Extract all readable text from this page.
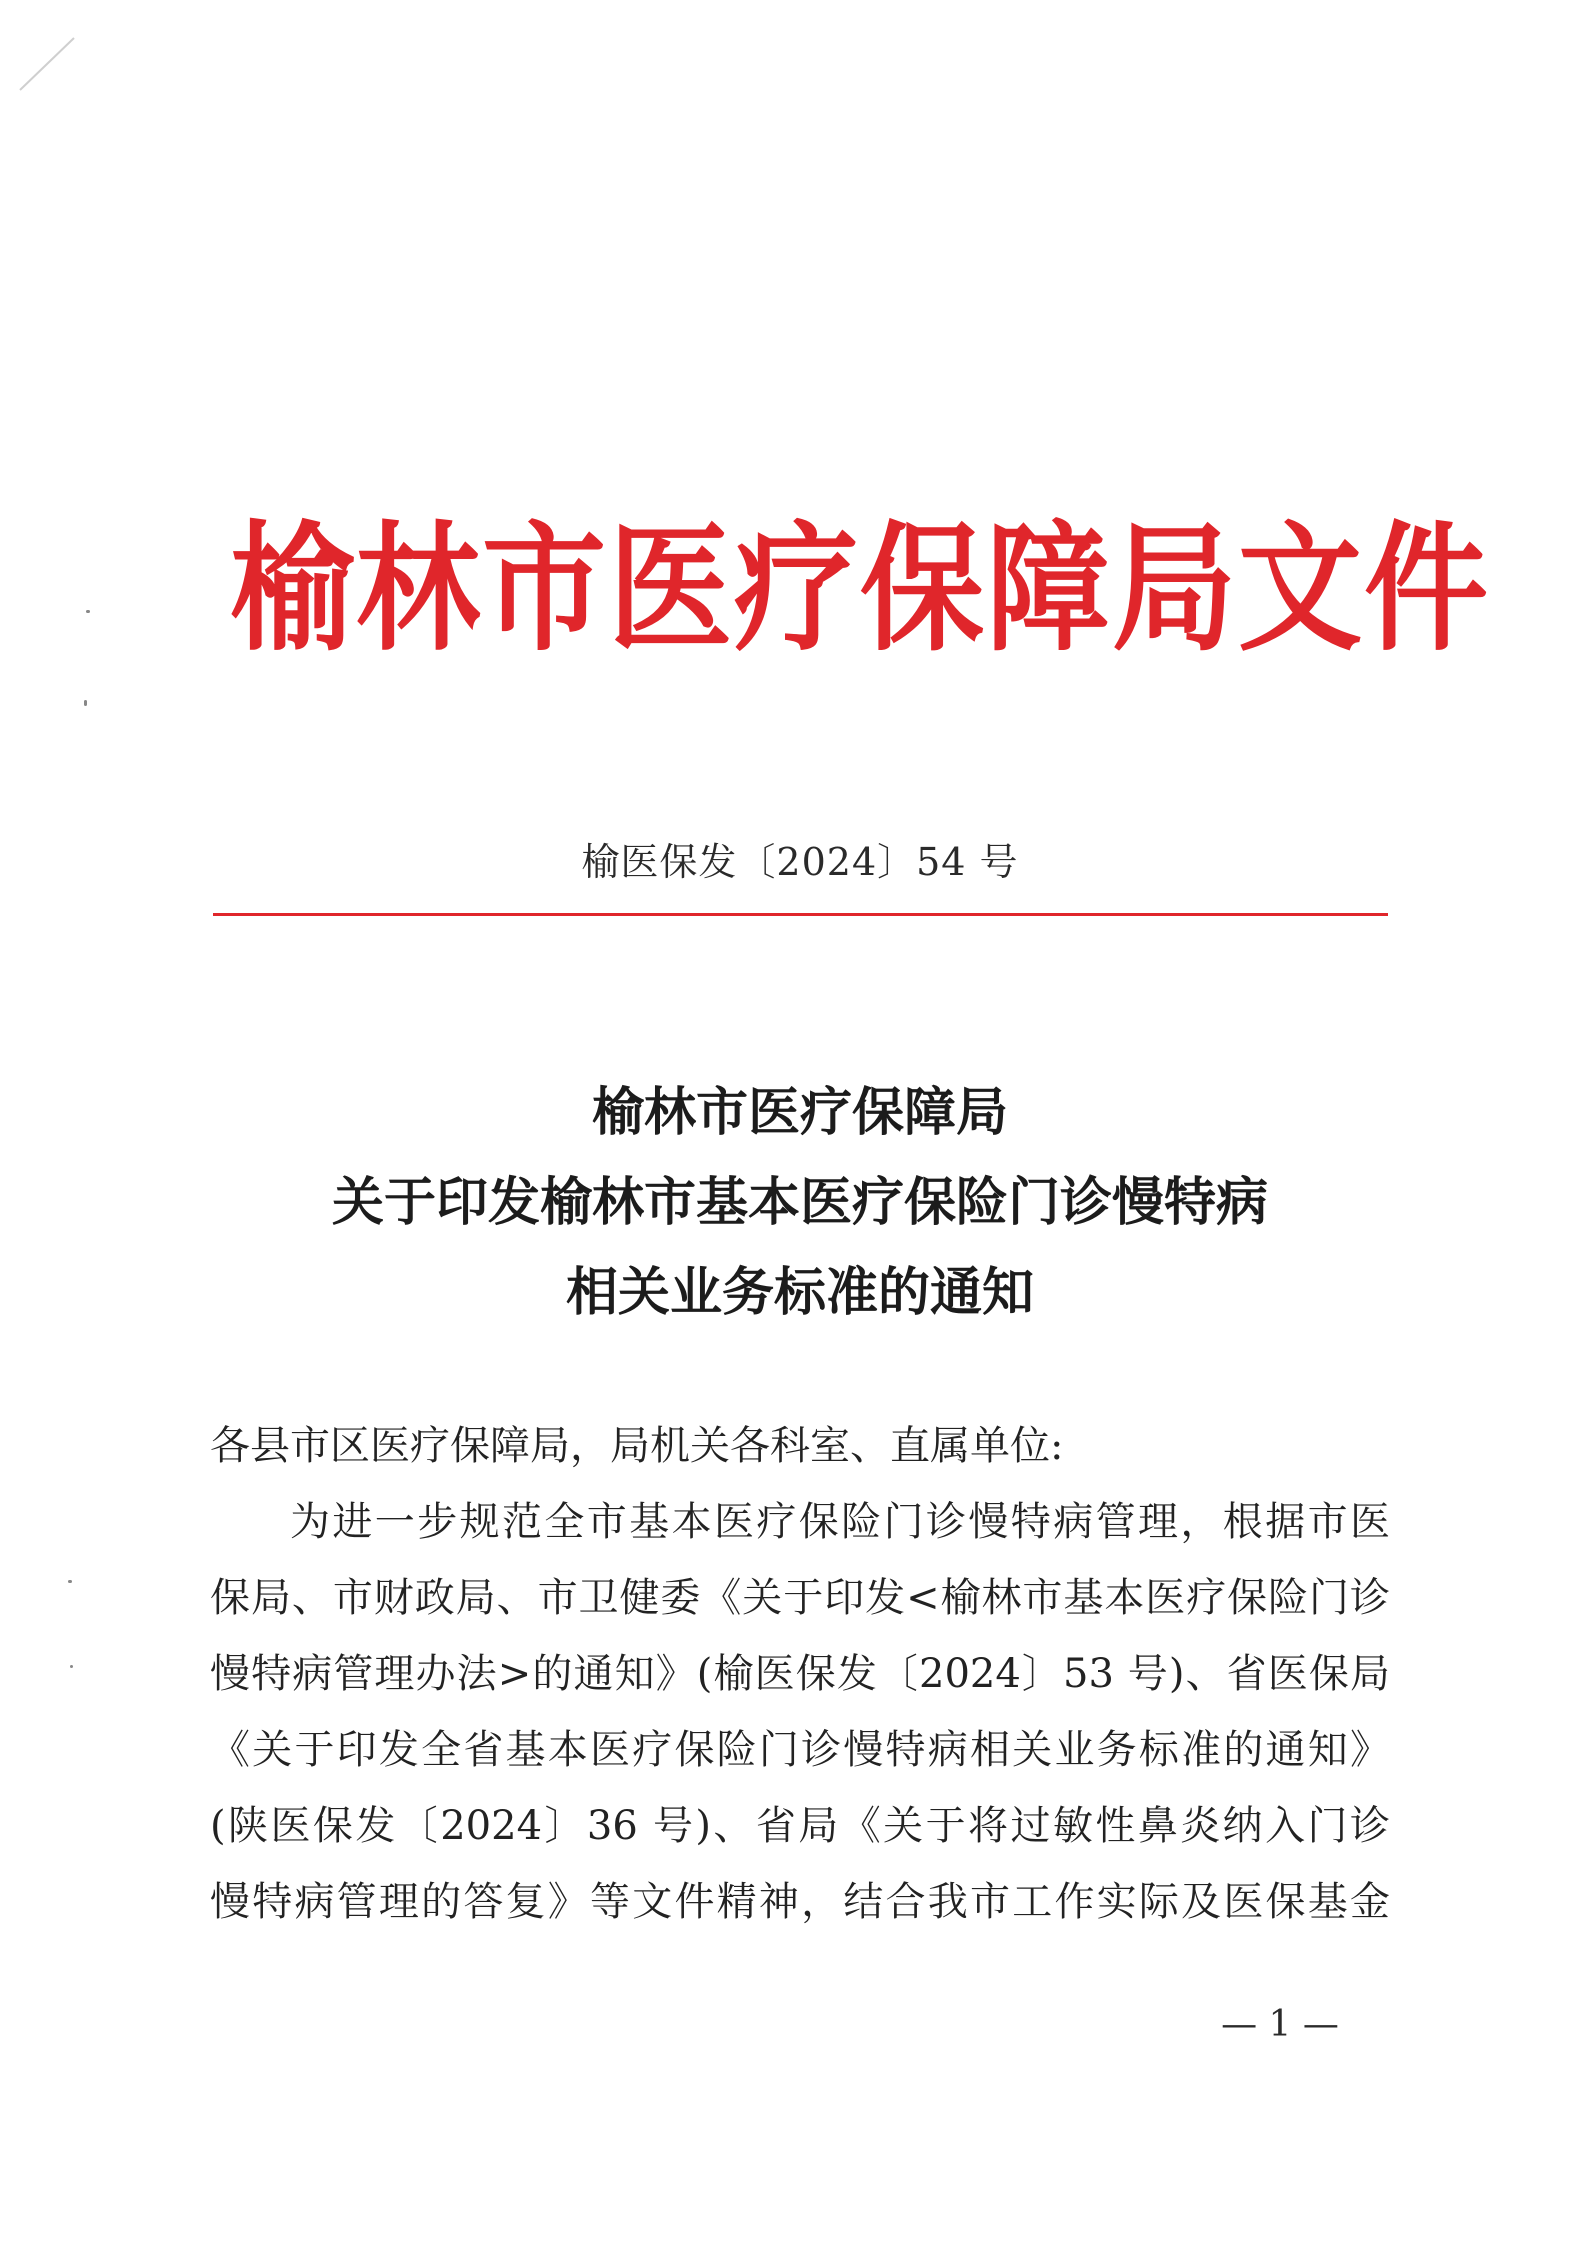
榆林市医疗保障局文件
榆医保发〔2024〕54 号
榆林市医疗保障局
关于印发榆林市基本医疗保险门诊慢特病
相关业务标准的通知
各县市区医疗保障局，局机关各科室、直属单位:
为进一步规范全市基本医疗保险门诊慢特病管理，根据市医
保局、市财政局、市卫健委《关于印发<榆林市基本医疗保险门诊
慢特病管理办法>的通知》(榆医保发〔2024〕53 号)、省医保局
《关于印发全省基本医疗保险门诊慢特病相关业务标准的通知》
(陕医保发〔2024〕36 号)、省局《关于将过敏性鼻炎纳入门诊
慢特病管理的答复》等文件精神，结合我市工作实际及医保基金
— 1 —
